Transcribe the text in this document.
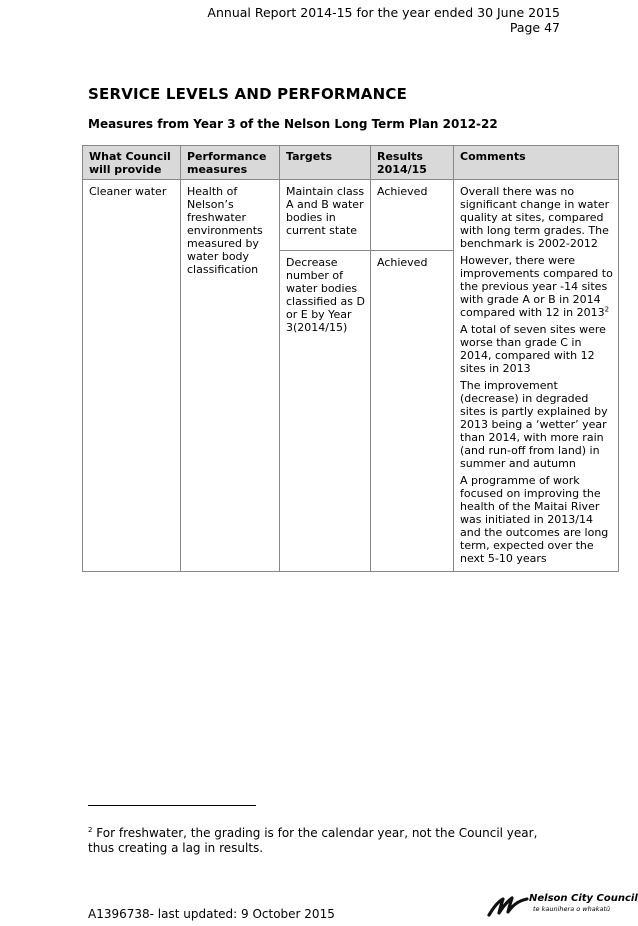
Annual Report 2014-15 for the year ended 30 June 2015
Page 47
SERVICE LEVELS AND PERFORMANCE
Measures from Year 3 of the Nelson Long Term Plan 2012-22
What Council will provide	Performance measures	Targets	Results 2014/15	Comments
Cleaner water	Health of Nelson’s freshwater environments measured by water body classification	Maintain class A and B water bodies in current state	Achieved	Overall there was no significant change in water quality at sites, compared with long term grades. The benchmark is 2002-2012
However, there were improvements compared to the previous year -14 sites with grade A or B in 2014 compared with 12 in 2013$^2$
A total of seven sites were worse than grade C in 2014, compared with 12 sites in 2013
The improvement (decrease) in degraded sites is partly explained by 2013 being a ‘wetter’ year than 2014, with more rain (and run-off from land) in summer and autumn
A programme of work focused on improving the health of the Maitai River was initiated in 2013/14 and the outcomes are long term, expected over the next 5-10 years

		Decrease number of water bodies classified as D or E by Year 3(2014/15)	Achieved	
$^2$ For freshwater, the grading is for the calendar year, not the Council year, thus creating a lag in results.
A1396738- last updated: 9 October 2015
Nelson City Council
te kaunihera o whakatū
